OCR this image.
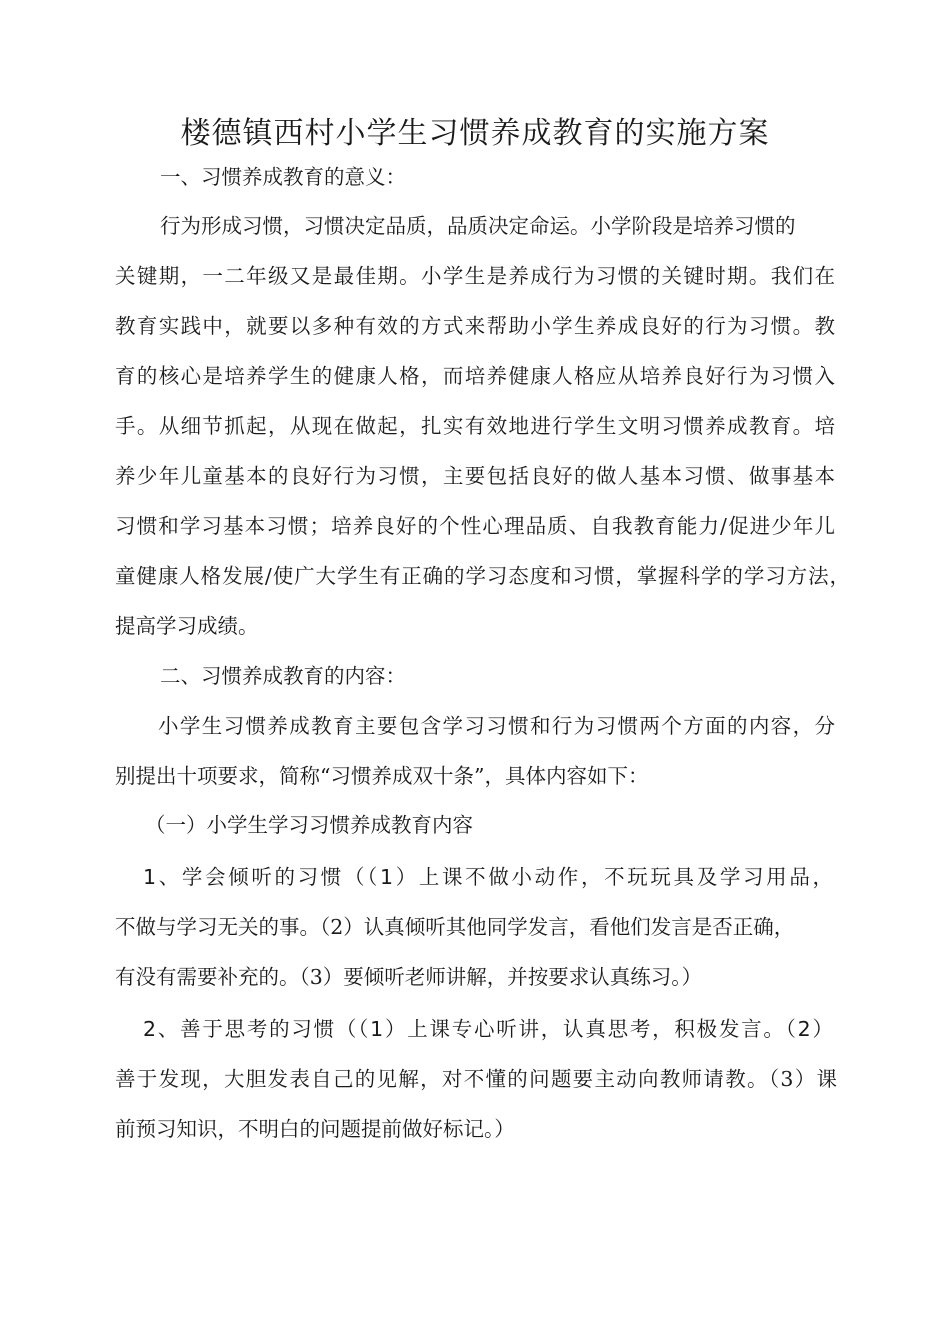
楼德镇西村小学生习惯养成教育的实施方案
一、习惯养成教育的意义：
行为形成习惯，习惯决定品质，品质决定命运。小学阶段是培养习惯的
关键期，一二年级又是最佳期。小学生是养成行为习惯的关键时期。我们在
教育实践中，就要以多种有效的方式来帮助小学生养成良好的行为习惯。教
育的核心是培养学生的健康人格，而培养健康人格应从培养良好行为习惯入
手。从细节抓起，从现在做起，扎实有效地进行学生文明习惯养成教育。培
养少年儿童基本的良好行为习惯，主要包括良好的做人基本习惯、做事基本
习惯和学习基本习惯；培养良好的个性心理品质、自我教育能力/促进少年儿
童健康人格发展/使广大学生有正确的学习态度和习惯，掌握科学的学习方法，
提高学习成绩。
二、习惯养成教育的内容：
小学生习惯养成教育主要包含学习习惯和行为习惯两个方面的内容，分
别提出十项要求，简称“习惯养成双十条”，具体内容如下：
（一）小学生学习习惯养成教育内容
1、学会倾听的习惯（（1）上课不做小动作，不玩玩具及学习用品，
不做与学习无关的事。（2）认真倾听其他同学发言，看他们发言是否正确，
有没有需要补充的。（3）要倾听老师讲解，并按要求认真练习。）
2、善于思考的习惯（（1）上课专心听讲，认真思考，积极发言。（2）
善于发现，大胆发表自己的见解，对不懂的问题要主动向教师请教。（3）课
前预习知识，不明白的问题提前做好标记。）
